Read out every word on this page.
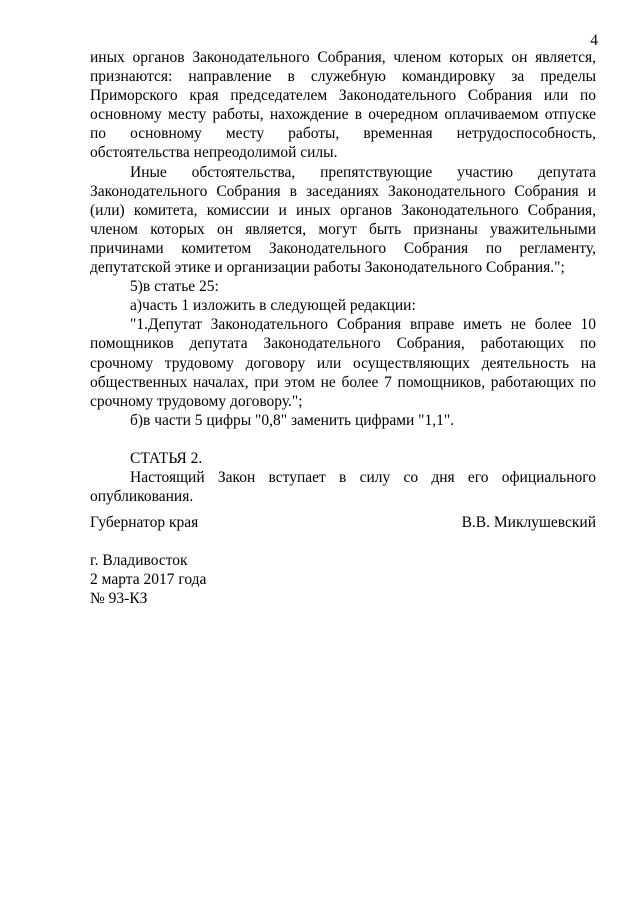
4

иных органов Законодательного Собрания, членом которых он является, признаются: направление в служебную командировку за пределы Приморского края председателем Законодательного Собрания или по основному месту работы, нахождение в очередном оплачиваемом отпуске по основному месту работы, временная нетрудоспособность, обстоятельства непреодолимой силы.

Иные обстоятельства, препятствующие участию депутата Законодательного Собрания в заседаниях Законодательного Собрания и (или) комитета, комиссии и иных органов Законодательного Собрания, членом которых он является, могут быть признаны уважительными причинами комитетом Законодательного Собрания по регламенту, депутатской этике и организации работы Законодательного Собрания.";

5)в статье 25:

а)часть 1 изложить в следующей редакции:

"1.Депутат Законодательного Собрания вправе иметь не более 10 помощников депутата Законодательного Собрания, работающих по срочному трудовому договору или осуществляющих деятельность на общественных началах, при этом не более 7 помощников, работающих по срочному трудовому договору.";

б)в части 5 цифры "0,8" заменить цифрами "1,1".

СТАТЬЯ 2.

Настоящий Закон вступает в силу со дня его официального опубликования.

Губернатор края	В.В. Миклушевский
г. Владивосток
2 марта 2017 года
№ 93-КЗ
